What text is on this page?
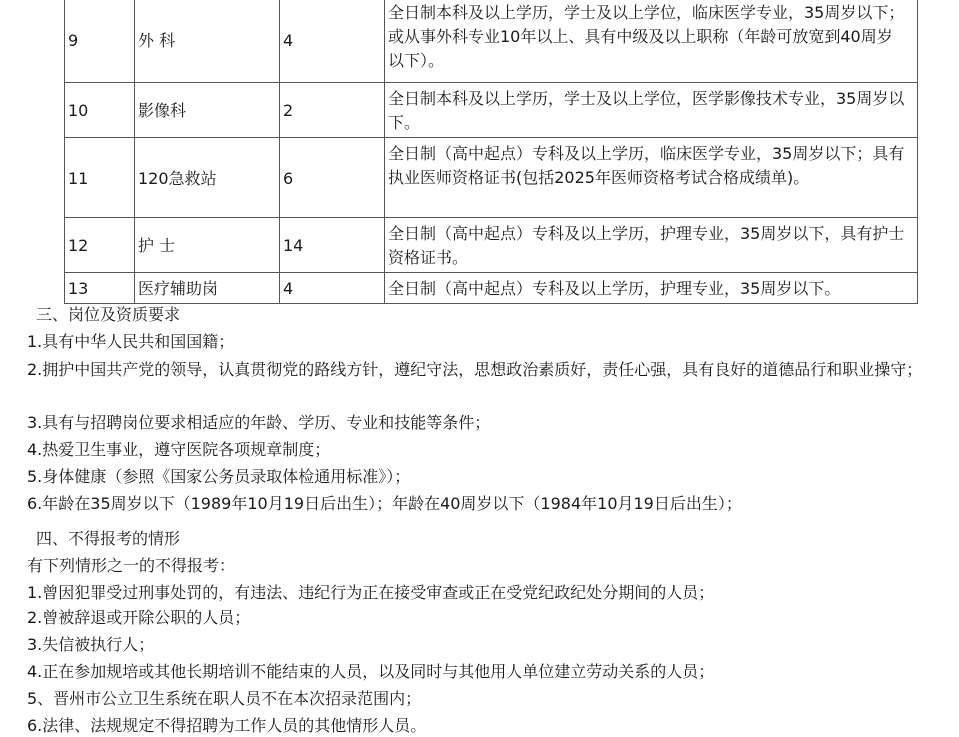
9	外 科	4	全日制本科及以上学历，学士及以上学位，临床医学专业，35周岁以下；或从事外科专业10年以上、具有中级及以上职称（年龄可放宽到40周岁以下）。
10	影像科	2	全日制本科及以上学历，学士及以上学位，医学影像技术专业，35周岁以下。
11	120急救站	6	全日制（高中起点）专科及以上学历，临床医学专业，35周岁以下；具有执业医师资格证书(包括2025年医师资格考试合格成绩单)。
12	护 士	14	全日制（高中起点）专科及以上学历，护理专业，35周岁以下，具有护士资格证书。
13	医疗辅助岗	4	全日制（高中起点）专科及以上学历，护理专业，35周岁以下。
三、岗位及资质要求
1.具有中华人民共和国国籍；
2.拥护中国共产党的领导，认真贯彻党的路线方针，遵纪守法，思想政治素质好，责任心强，具有良好的道德品行和职业操守；
3.具有与招聘岗位要求相适应的年龄、学历、专业和技能等条件；
4.热爱卫生事业，遵守医院各项规章制度；
5.身体健康（参照《国家公务员录取体检通用标准》）；
6.年龄在35周岁以下（1989年10月19日后出生）；年龄在40周岁以下（1984年10月19日后出生）；
四、不得报考的情形
有下列情形之一的不得报考：
1.曾因犯罪受过刑事处罚的，有违法、违纪行为正在接受审查或正在受党纪政纪处分期间的人员；
2.曾被辞退或开除公职的人员；
3.失信被执行人；
4.正在参加规培或其他长期培训不能结束的人员，以及同时与其他用人单位建立劳动关系的人员；
5、晋州市公立卫生系统在职人员不在本次招录范围内；
6.法律、法规规定不得招聘为工作人员的其他情形人员。
